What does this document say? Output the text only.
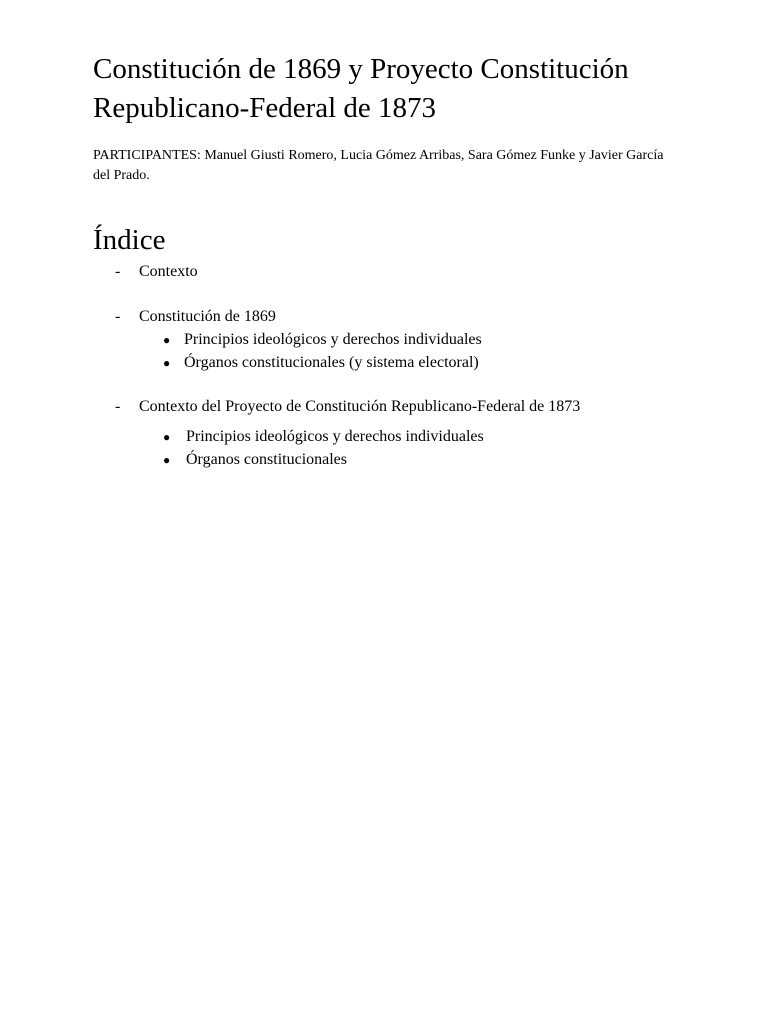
Constitución de 1869 y Proyecto Constitución Republicano-Federal de 1873

PARTICIPANTES: Manuel Giusti Romero, Lucia Gómez Arribas, Sara Gómez Funke y Javier García del Prado.

Índice
- Contexto
- Constitución de 1869
● Principios ideológicos y derechos individuales
● Órganos constitucionales (y sistema electoral)
- Contexto del Proyecto de Constitución Republicano-Federal de 1873
● Principios ideológicos y derechos individuales
● Órganos constitucionales
